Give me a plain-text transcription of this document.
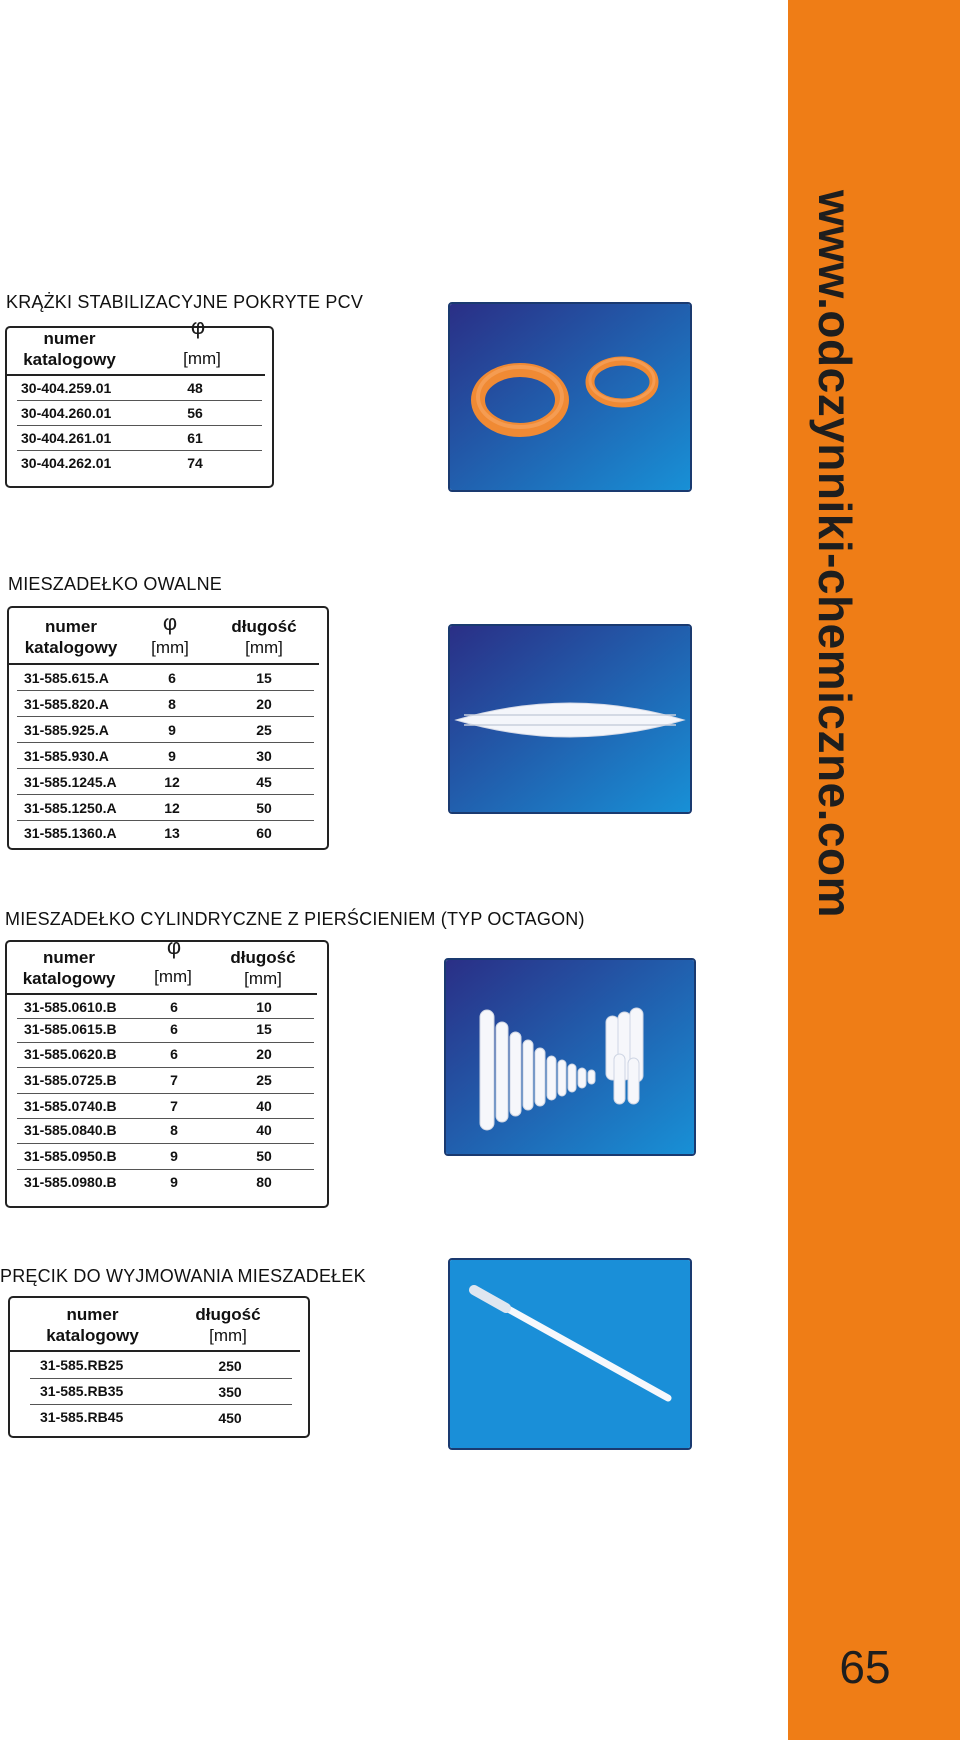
www.odczynniki-chemiczne.com
65
KRĄŻKI STABILIZACYJNE POKRYTE PCV
numer
katalogowy
φ
[mm]
30-404.259.01	48
30-404.260.01	56
30-404.261.01	61
30-404.262.01	74
MIESZADEŁKO OWALNE
numer
katalogowy
φ
[mm]
długość
[mm]
31-585.615.A	6	15
31-585.820.A	8	20
31-585.925.A	9	25
31-585.930.A	9	30
31-585.1245.A	12	45
31-585.1250.A	12	50
31-585.1360.A	13	60
MIESZADEŁKO CYLINDRYCZNE Z PIERŚCIENIEM (TYP OCTAGON)
numer
katalogowy
φ
[mm]
długość
[mm]
31-585.0610.B	6	10
31-585.0615.B	6	15
31-585.0620.B	6	20
31-585.0725.B	7	25
31-585.0740.B	7	40
31-585.0840.B	8	40
31-585.0950.B	9	50
31-585.0980.B	9	80
PRĘCIK DO WYJMOWANIA MIESZADEŁEK
numer
katalogowy
długość
[mm]
31-585.RB25	250
31-585.RB35	350
31-585.RB45	450
